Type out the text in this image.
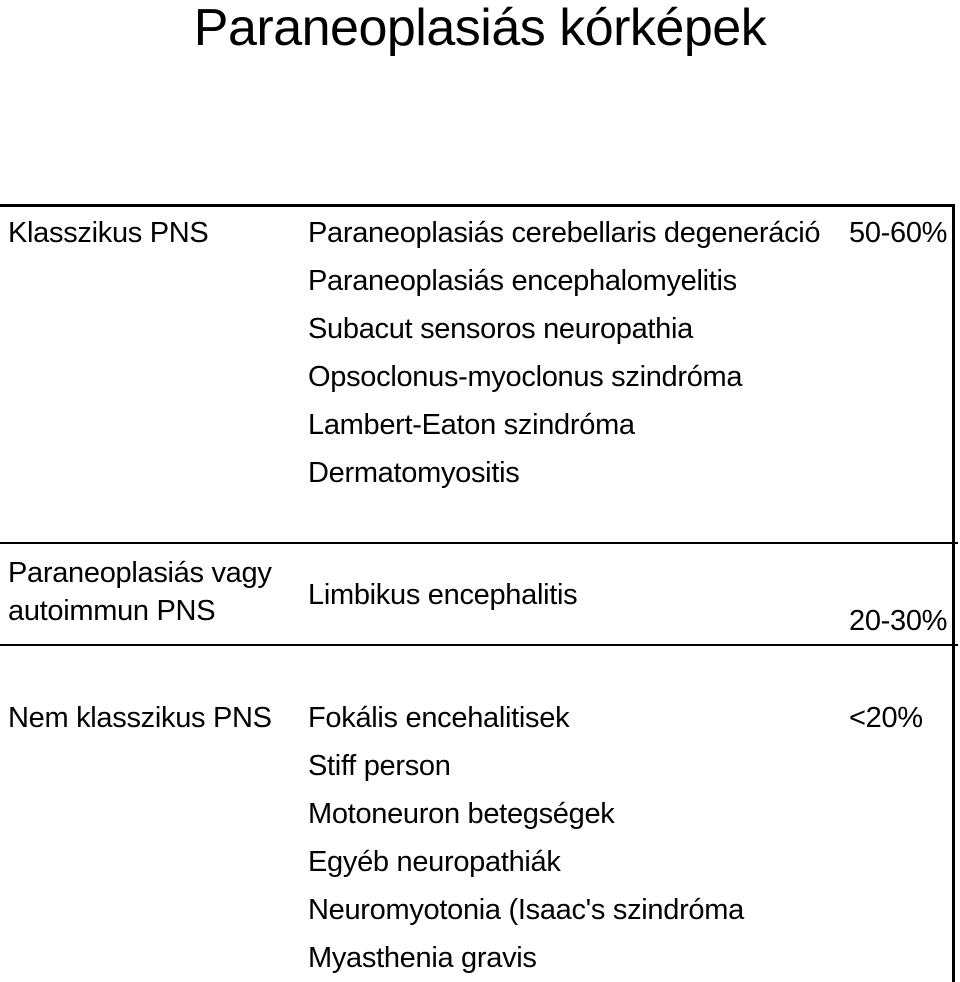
Paraneoplasiás kórképek
Klasszikus PNS	Paraneoplasiás cerebellaris degeneráció
Paraneoplasiás encephalomyelitis
Subacut sensoros neuropathia
Opsoclonus-myoclonus szindróma
Lambert-Eaton szindróma
Dermatomyositis
50-60%
Paraneoplasiás vagy
autoimmun PNS	Limbikus encephalitis
20-30%
Nem klasszikus PNS Fokális encehalitisek
Stiff person
Motoneuron betegségek
Egyéb neuropathiák
Neuromyotonia (Isaac's szindróma
Myasthenia gravis
<20%
